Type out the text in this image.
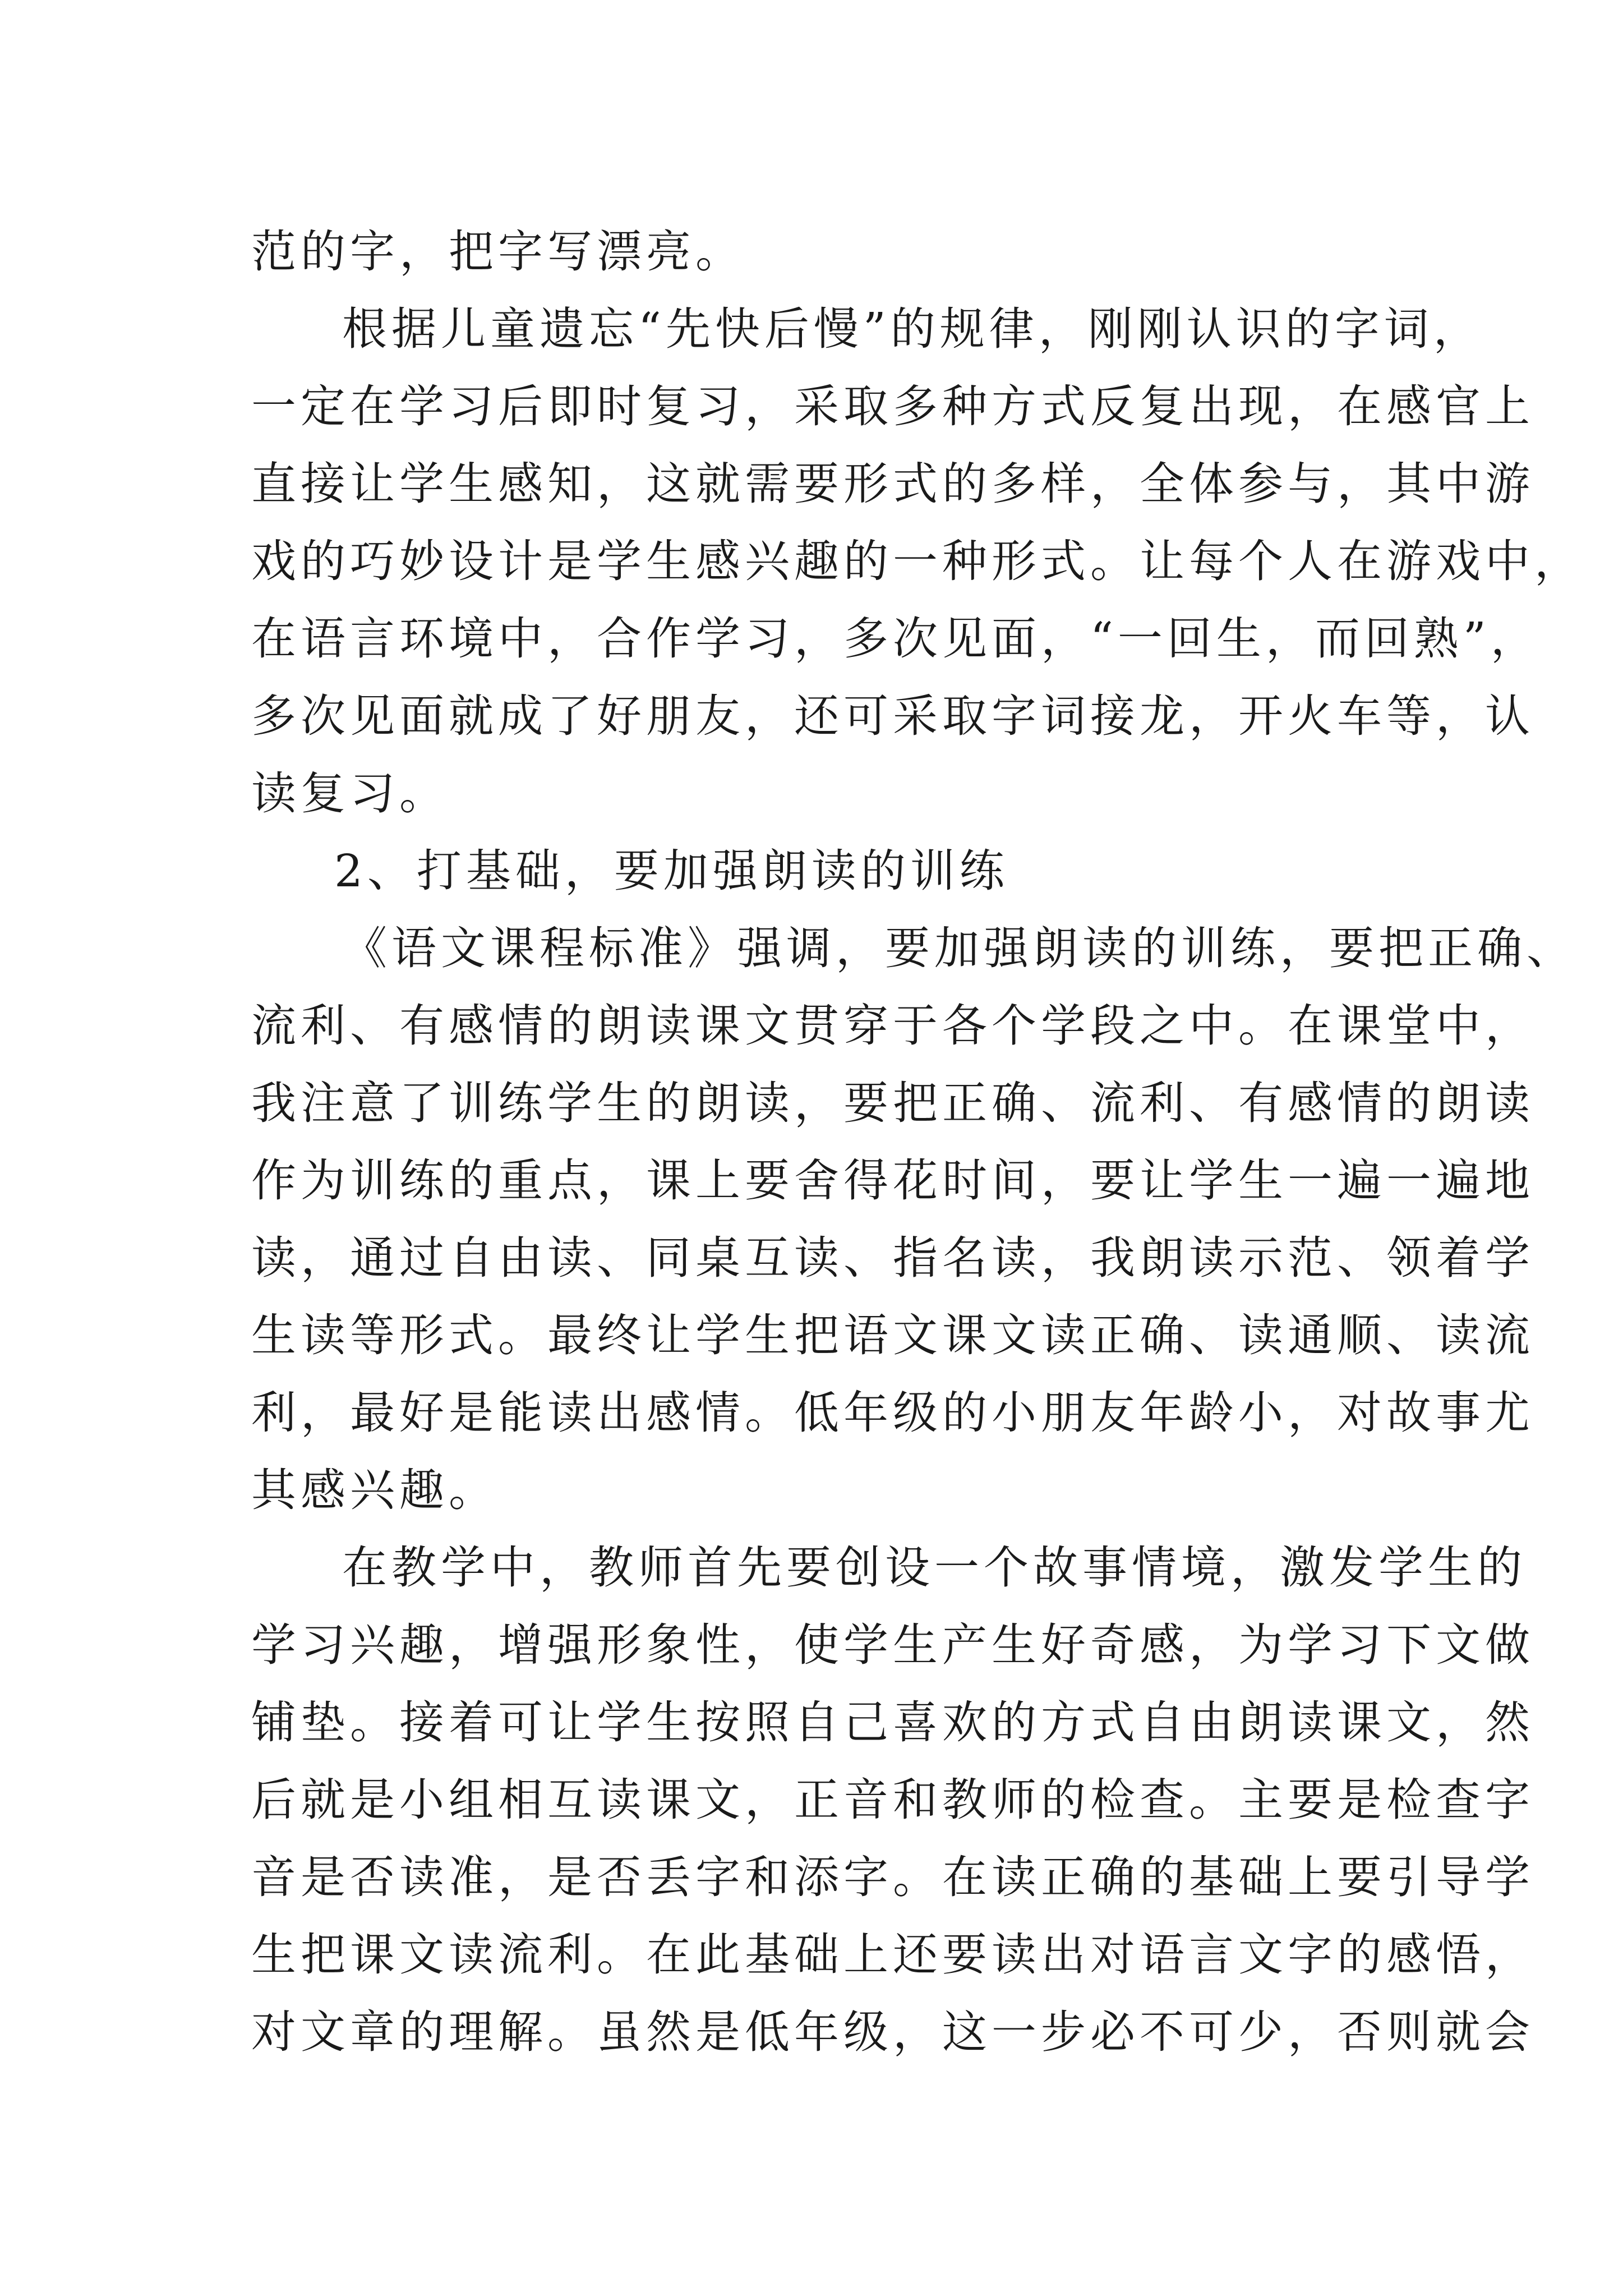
范的字，把字写漂亮。
根据儿童遗忘“先快后慢”的规律，刚刚认识的字词，
一定在学习后即时复习，采取多种方式反复出现，在感官上
直接让学生感知，这就需要形式的多样，全体参与，其中游
戏的巧妙设计是学生感兴趣的一种形式。让每个人在游戏中，
在语言环境中，合作学习，多次见面，“一回生，而回熟”，
多次见面就成了好朋友，还可采取字词接龙，开火车等，认
读复习。
2、打基础，要加强朗读的训练
《语文课程标准》强调，要加强朗读的训练，要把正确、
流利、有感情的朗读课文贯穿于各个学段之中。在课堂中，
我注意了训练学生的朗读，要把正确、流利、有感情的朗读
作为训练的重点，课上要舍得花时间，要让学生一遍一遍地
读，通过自由读、同桌互读、指名读，我朗读示范、领着学
生读等形式。最终让学生把语文课文读正确、读通顺、读流
利，最好是能读出感情。低年级的小朋友年龄小，对故事尤
其感兴趣。
在教学中，教师首先要创设一个故事情境，激发学生的
学习兴趣，增强形象性，使学生产生好奇感，为学习下文做
铺垫。接着可让学生按照自己喜欢的方式自由朗读课文，然
后就是小组相互读课文，正音和教师的检查。主要是检查字
音是否读准，是否丢字和添字。在读正确的基础上要引导学
生把课文读流利。在此基础上还要读出对语言文字的感悟，
对文章的理解。虽然是低年级，这一步必不可少，否则就会
